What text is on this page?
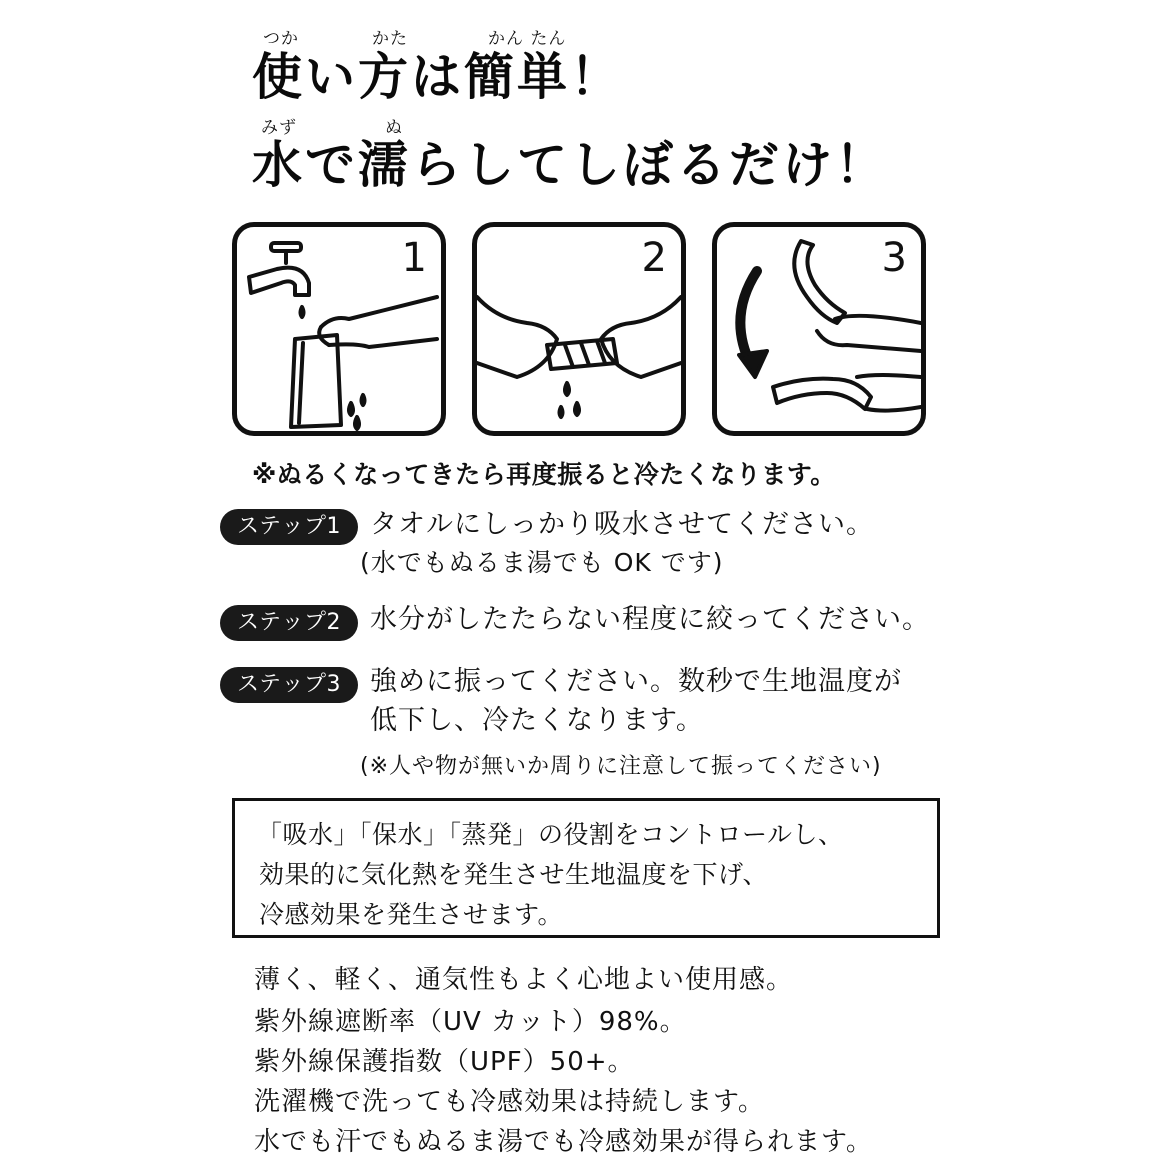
つか	かた	かん たん
使い方は簡単！
みず	ぬ
水で濡らしてしぼるだけ！
1	2	3
※ぬるくなってきたら再度振ると冷たくなります。
ステップ1	タオルにしっかり吸水させてください。
(水でもぬるま湯でも OK です)
ステップ2	水分がしたたらない程度に絞ってください。
ステップ3	強めに振ってください。数秒で生地温度が
低下し、冷たくなります。
(※人や物が無いか周りに注意して振ってください)
「吸水」「保水」「蒸発」の役割をコントロールし、
効果的に気化熱を発生させ生地温度を下げ、
冷感効果を発生させます。
薄く、軽く、通気性もよく心地よい使用感。
紫外線遮断率（UV カット）98%。
紫外線保護指数（UPF）50+。
洗濯機で洗っても冷感効果は持続します。
水でも汗でもぬるま湯でも冷感効果が得られます。
